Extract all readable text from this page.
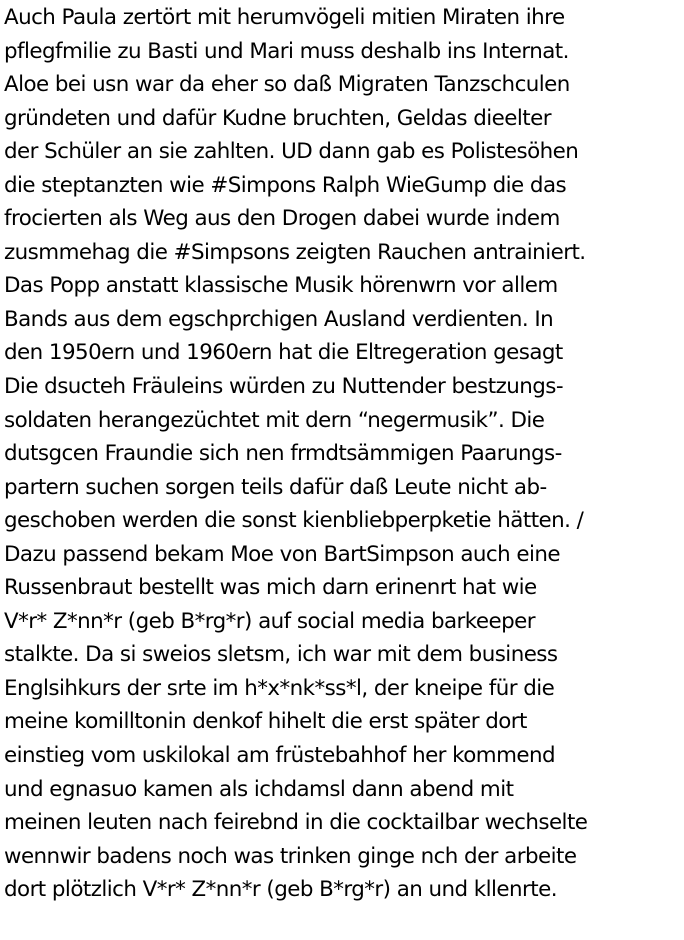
Auch Paula zertört mit herumvögeli mitien Miraten ihre
pflegfmilie zu Basti und Mari muss deshalb ins Internat.
Aloe bei usn war da eher so daß Migraten Tanzschculen
gründeten und dafür Kudne bruchten, Geldas dieelter
der Schüler an sie zahlten. UD dann gab es Polistesöhen
die steptanzten wie #Simpons Ralph WieGump die das
frocierten als Weg aus den Drogen dabei wurde indem
zusmmehag die #Simpsons zeigten Rauchen antrainiert.
Das Popp anstatt klassische Musik hörenwrn vor allem
Bands aus dem egschprchigen Ausland verdienten. In
den 1950ern und 1960ern hat die Eltregeration gesagt
Die dsucteh Fräuleins würden zu Nuttender bestzungs-
soldaten herangezüchtet mit dern “negermusik”. Die
dutsgcen Fraundie sich nen frmdtsämmigen Paarungs-
partern suchen sorgen teils dafür daß Leute nicht ab-
geschoben werden die sonst kienbliebperpketie hätten. /
Dazu passend bekam Moe von BartSimpson auch eine
Russenbraut bestellt was mich darn erinenrt hat wie
V*r* Z*nn*r (geb B*rg*r) auf social media barkeeper
stalkte. Da si sweios sletsm, ich war mit dem business
Englsihkurs der srte im h*x*nk*ss*l, der kneipe für die
meine komilltonin denkof hihelt die erst später dort
einstieg vom uskilokal am früstebahhof her kommend
und egnasuo kamen als ichdamsl dann abend mit
meinen leuten nach feirebnd in die cocktailbar wechselte
wennwir badens noch was trinken ginge nch der arbeite
dort plötzlich V*r* Z*nn*r (geb B*rg*r) an und kllenrte.
